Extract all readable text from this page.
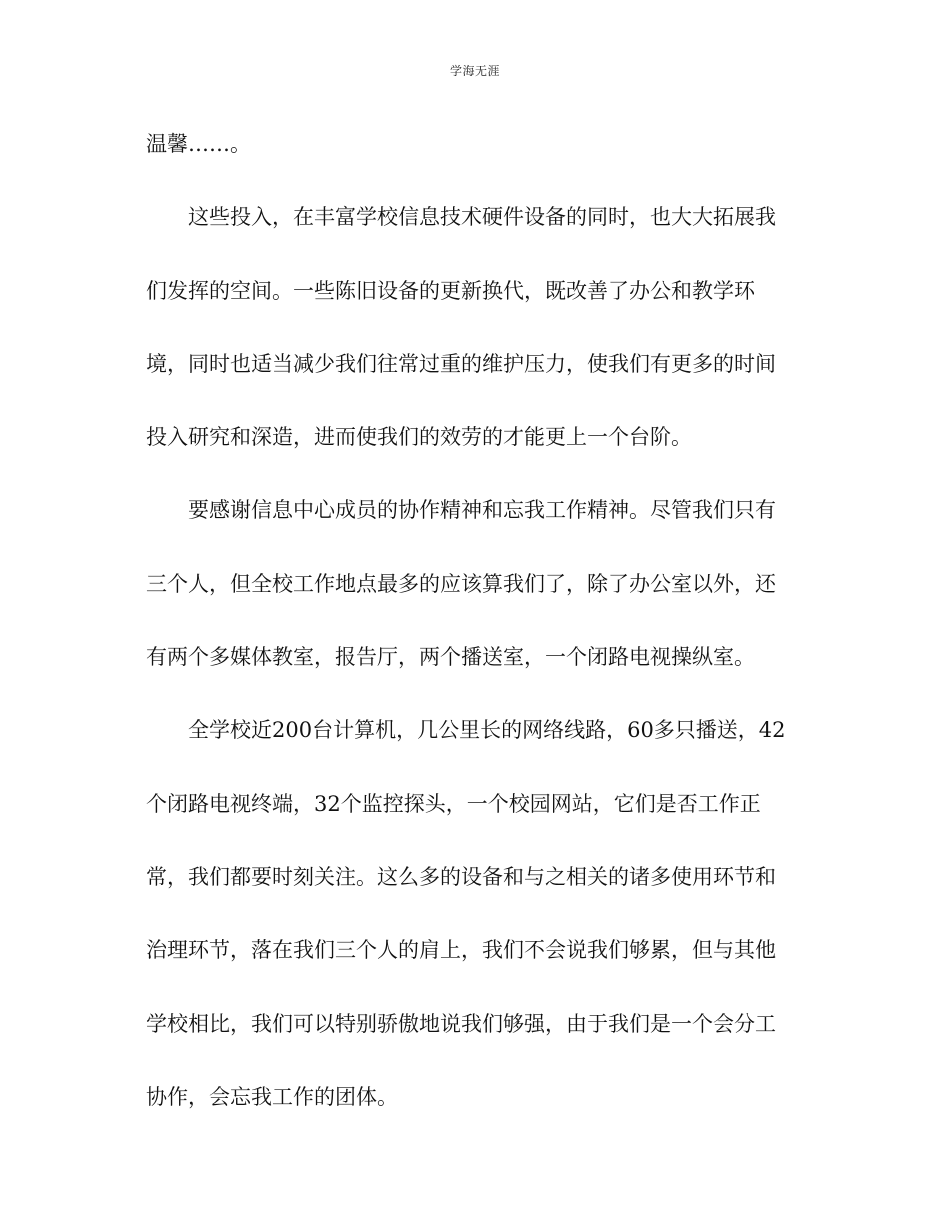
学海无涯
温馨……。
这些投入，在丰富学校信息技术硬件设备的同时，也大大拓展我
们发挥的空间。一些陈旧设备的更新换代，既改善了办公和教学环
境，同时也适当减少我们往常过重的维护压力，使我们有更多的时间
投入研究和深造，进而使我们的效劳的才能更上一个台阶。
要感谢信息中心成员的协作精神和忘我工作精神。尽管我们只有
三个人，但全校工作地点最多的应该算我们了，除了办公室以外，还
有两个多媒体教室，报告厅，两个播送室，一个闭路电视操纵室。
全学校近200台计算机，几公里长的网络线路，60多只播送，42
个闭路电视终端，32个监控探头，一个校园网站，它们是否工作正
常，我们都要时刻关注。这么多的设备和与之相关的诸多使用环节和
治理环节，落在我们三个人的肩上，我们不会说我们够累，但与其他
学校相比，我们可以特别骄傲地说我们够强，由于我们是一个会分工
协作，会忘我工作的团体。
